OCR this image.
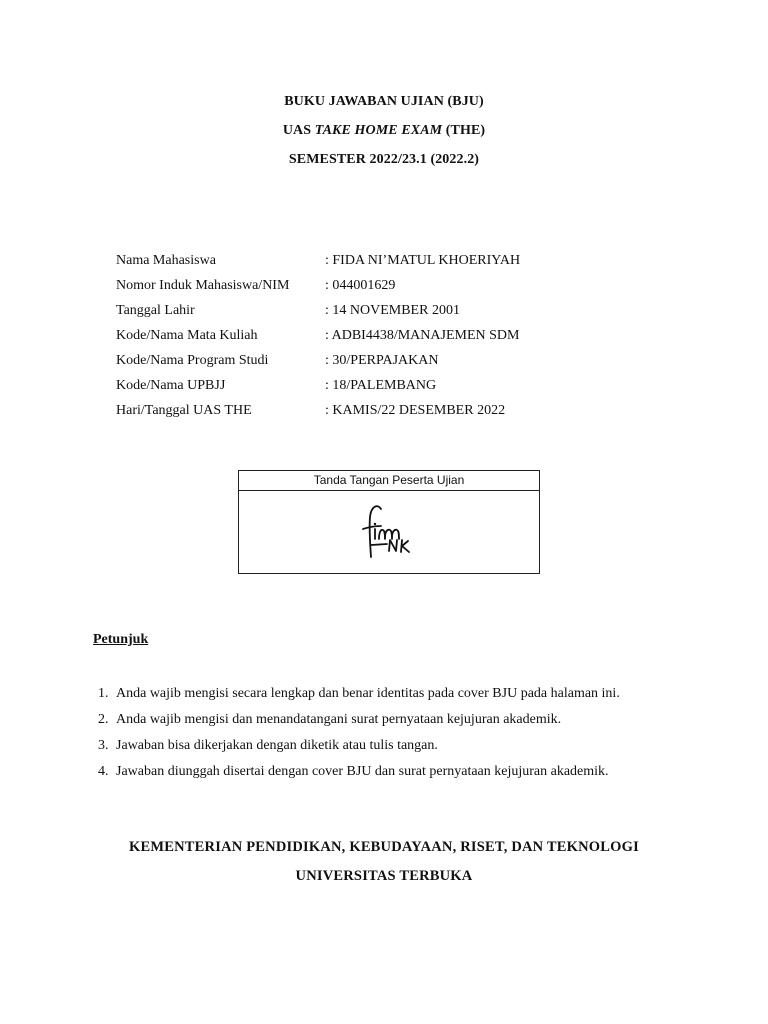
BUKU JAWABAN UJIAN (BJU)
UAS TAKE HOME EXAM (THE)
SEMESTER 2022/23.1 (2022.2)
Nama Mahasiswa	: FIDA NI’MATUL KHOERIYAH
Nomor Induk Mahasiswa/NIM	: 044001629
Tanggal Lahir	: 14 NOVEMBER 2001
Kode/Nama Mata Kuliah	: ADBI4438/MANAJEMEN SDM
Kode/Nama Program Studi	: 30/PERPAJAKAN
Kode/Nama UPBJJ	: 18/PALEMBANG
Hari/Tanggal UAS THE	: KAMIS/22 DESEMBER 2022
Tanda Tangan Peserta Ujian
Petunjuk
1. Anda wajib mengisi secara lengkap dan benar identitas pada cover BJU pada halaman ini.
2. Anda wajib mengisi dan menandatangani surat pernyataan kejujuran akademik.
3. Jawaban bisa dikerjakan dengan diketik atau tulis tangan.
4. Jawaban diunggah disertai dengan cover BJU dan surat pernyataan kejujuran akademik.
KEMENTERIAN PENDIDIKAN, KEBUDAYAAN, RISET, DAN TEKNOLOGI
UNIVERSITAS TERBUKA
